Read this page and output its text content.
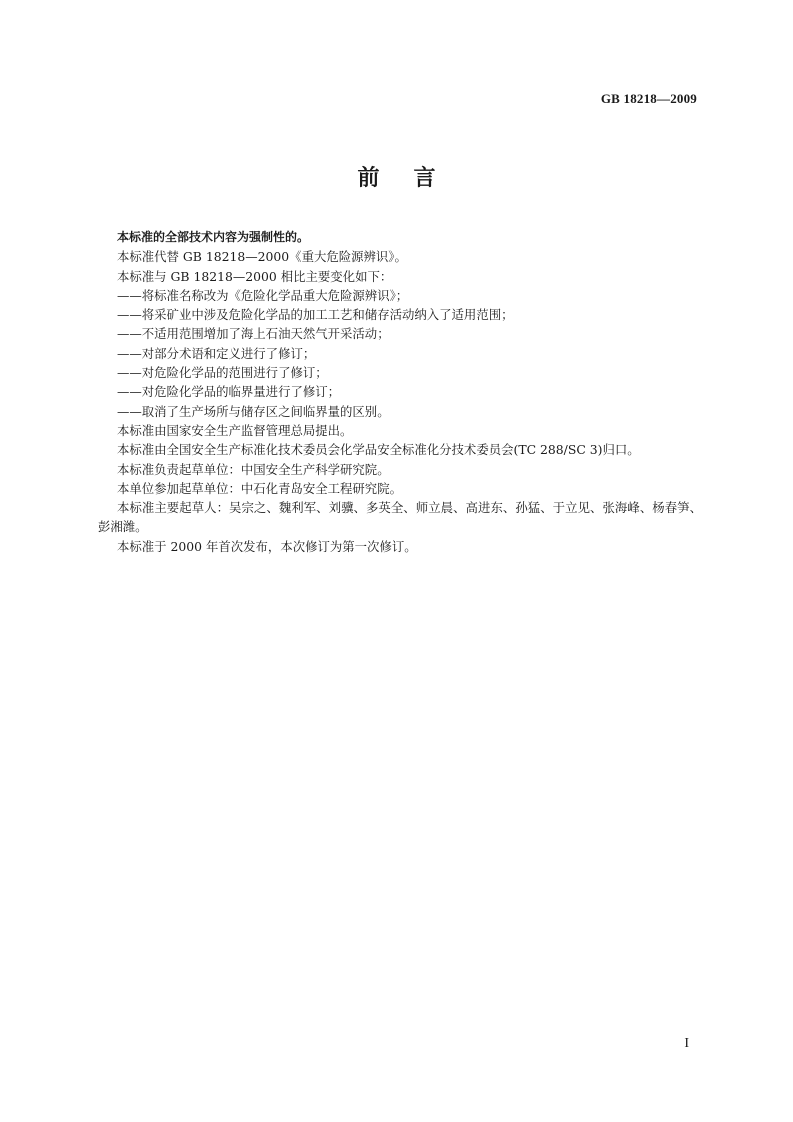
GB 18218—2009
前言

本标准的全部技术内容为强制性的。

本标准代替 GB 18218—2000《重大危险源辨识》。

本标准与 GB 18218—2000 相比主要变化如下：

——将标准名称改为《危险化学品重大危险源辨识》；

——将采矿业中涉及危险化学品的加工工艺和储存活动纳入了适用范围；

——不适用范围增加了海上石油天然气开采活动；

——对部分术语和定义进行了修订；

——对危险化学品的范围进行了修订；

——对危险化学品的临界量进行了修订；

——取消了生产场所与储存区之间临界量的区别。

本标准由国家安全生产监督管理总局提出。

本标准由全国安全生产标准化技术委员会化学品安全标准化分技术委员会(TC 288/SC 3)归口。

本标准负责起草单位：中国安全生产科学研究院。

本单位参加起草单位：中石化青岛安全工程研究院。

本标准主要起草人：吴宗之、魏利军、刘骥、多英全、师立晨、高进东、孙猛、于立见、张海峰、杨春笋、彭湘潍。

本标准于 2000 年首次发布，本次修订为第一次修订。

I
